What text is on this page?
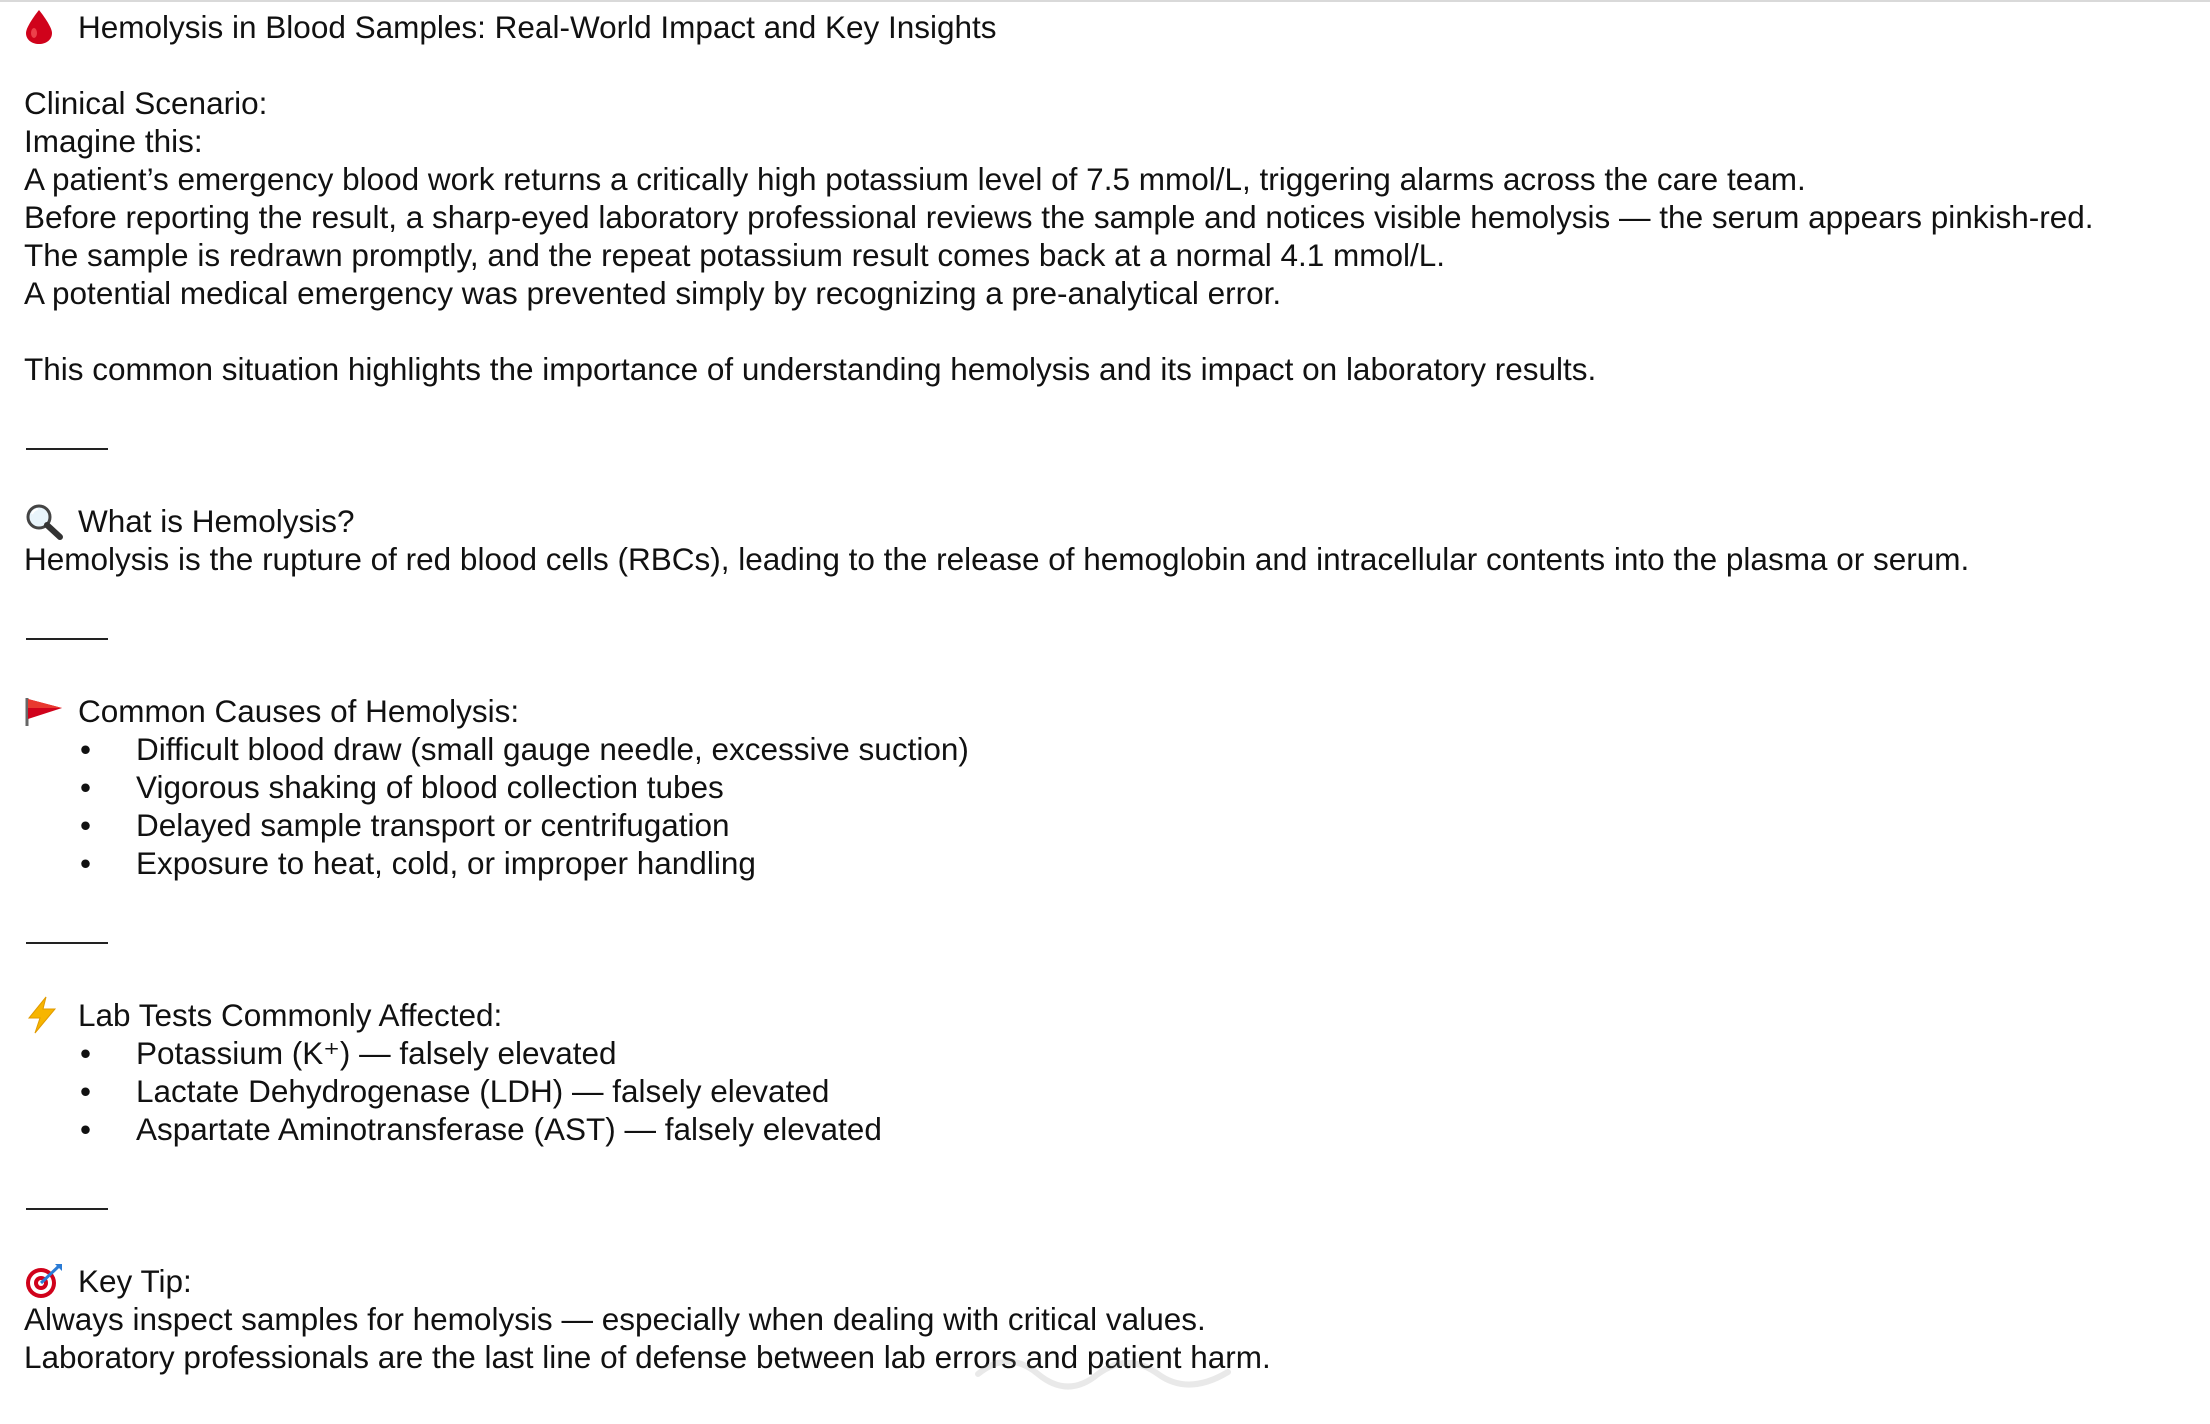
Hemolysis in Blood Samples: Real-World Impact and Key Insights
Clinical Scenario:
Imagine this:
A patient’s emergency blood work returns a critically high potassium level of 7.5 mmol/L, triggering alarms across the care team.
Before reporting the result, a sharp-eyed laboratory professional reviews the sample and notices visible hemolysis — the serum appears pinkish-red.
The sample is redrawn promptly, and the repeat potassium result comes back at a normal 4.1 mmol/L.
A potential medical emergency was prevented simply by recognizing a pre-analytical error.
This common situation highlights the importance of understanding hemolysis and its impact on laboratory results.
What is Hemolysis?
Hemolysis is the rupture of red blood cells (RBCs), leading to the release of hemoglobin and intracellular contents into the plasma or serum.
Common Causes of Hemolysis:
•	Difficult blood draw (small gauge needle, excessive suction)
•	Vigorous shaking of blood collection tubes
•	Delayed sample transport or centrifugation
•	Exposure to heat, cold, or improper handling
Lab Tests Commonly Affected:
•	Potassium (K⁺) — falsely elevated
•	Lactate Dehydrogenase (LDH) — falsely elevated
•	Aspartate Aminotransferase (AST) — falsely elevated
Key Tip:
Always inspect samples for hemolysis — especially when dealing with critical values.
Laboratory professionals are the last line of defense between lab errors and patient harm.
